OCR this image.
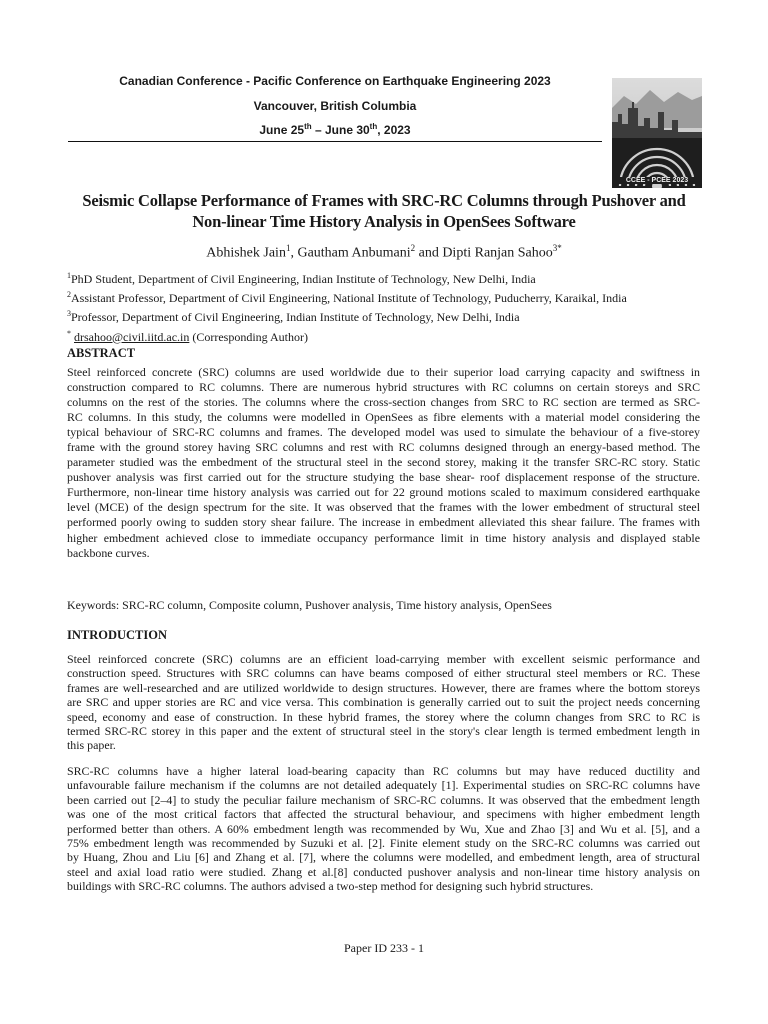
Canadian Conference - Pacific Conference on Earthquake Engineering 2023
Vancouver, British Columbia
June 25th – June 30th, 2023
CCEE - PCEE 2023
Seismic Collapse Performance of Frames with SRC-RC Columns through Pushover and
Non-linear Time History Analysis in OpenSees Software
Abhishek Jain$^1$, Gautham Anbumani$^2$ and Dipti Ranjan Sahoo$^{3*}$
$^1$PhD Student, Department of Civil Engineering, Indian Institute of Technology, New Delhi, India
$^2$Assistant Professor, Department of Civil Engineering, National Institute of Technology, Puducherry, Karaikal, India
$^3$Professor, Department of Civil Engineering, Indian Institute of Technology, New Delhi, India
* drsahoo@civil.iitd.ac.in (Corresponding Author)
ABSTRACT
Steel reinforced concrete (SRC) columns are used worldwide due to their superior load carrying capacity and swiftness in
construction compared to RC columns. There are numerous hybrid structures with RC columns on certain storeys and SRC
columns on the rest of the stories. The columns where the cross-section changes from SRC to RC section are termed as SRC-
RC columns. In this study, the columns were modelled in OpenSees as fibre elements with a material model considering the
typical behaviour of SRC-RC columns and frames. The developed model was used to simulate the behaviour of a five-storey
frame with the ground storey having SRC columns and rest with RC columns designed through an energy-based method. The
parameter studied was the embedment of the structural steel in the second storey, making it the transfer SRC-RC story. Static
pushover analysis was first carried out for the structure studying the base shear- roof displacement response of the structure.
Furthermore, non-linear time history analysis was carried out for 22 ground motions scaled to maximum considered earthquake
level (MCE) of the design spectrum for the site. It was observed that the frames with the lower embedment of structural steel
performed poorly owing to sudden story shear failure. The increase in embedment alleviated this shear failure. The frames with
higher embedment achieved close to immediate occupancy performance limit in time history analysis and displayed stable
backbone curves.
Keywords: SRC-RC column, Composite column, Pushover analysis, Time history analysis, OpenSees
INTRODUCTION
Steel reinforced concrete (SRC) columns are an efficient load-carrying member with excellent seismic performance and
construction speed. Structures with SRC columns can have beams composed of either structural steel members or RC. These
frames are well-researched and are utilized worldwide to design structures. However, there are frames where the bottom storeys
are SRC and upper stories are RC and vice versa. This combination is generally carried out to suit the project needs concerning
speed, economy and ease of construction. In these hybrid frames, the storey where the column changes from SRC to RC is
termed SRC-RC storey in this paper and the extent of structural steel in the story's clear length is termed embedment length in
this paper.
SRC-RC columns have a higher lateral load-bearing capacity than RC columns but may have reduced ductility and
unfavourable failure mechanism if the columns are not detailed adequately [1]. Experimental studies on SRC-RC columns have
been carried out [2–4] to study the peculiar failure mechanism of SRC-RC columns. It was observed that the embedment length
was one of the most critical factors that affected the structural behaviour, and specimens with higher embedment length
performed better than others. A 60% embedment length was recommended by Wu, Xue and Zhao [3] and Wu et al. [5], and a
75% embedment length was recommended by Suzuki et al. [2]. Finite element study on the SRC-RC columns was carried out
by Huang, Zhou and Liu [6] and Zhang et al. [7], where the columns were modelled, and embedment length, area of structural
steel and axial load ratio were studied. Zhang et al.[8] conducted pushover analysis and non-linear time history analysis on
buildings with SRC-RC columns. The authors advised a two-step method for designing such hybrid structures.
Paper ID 233 - 1
